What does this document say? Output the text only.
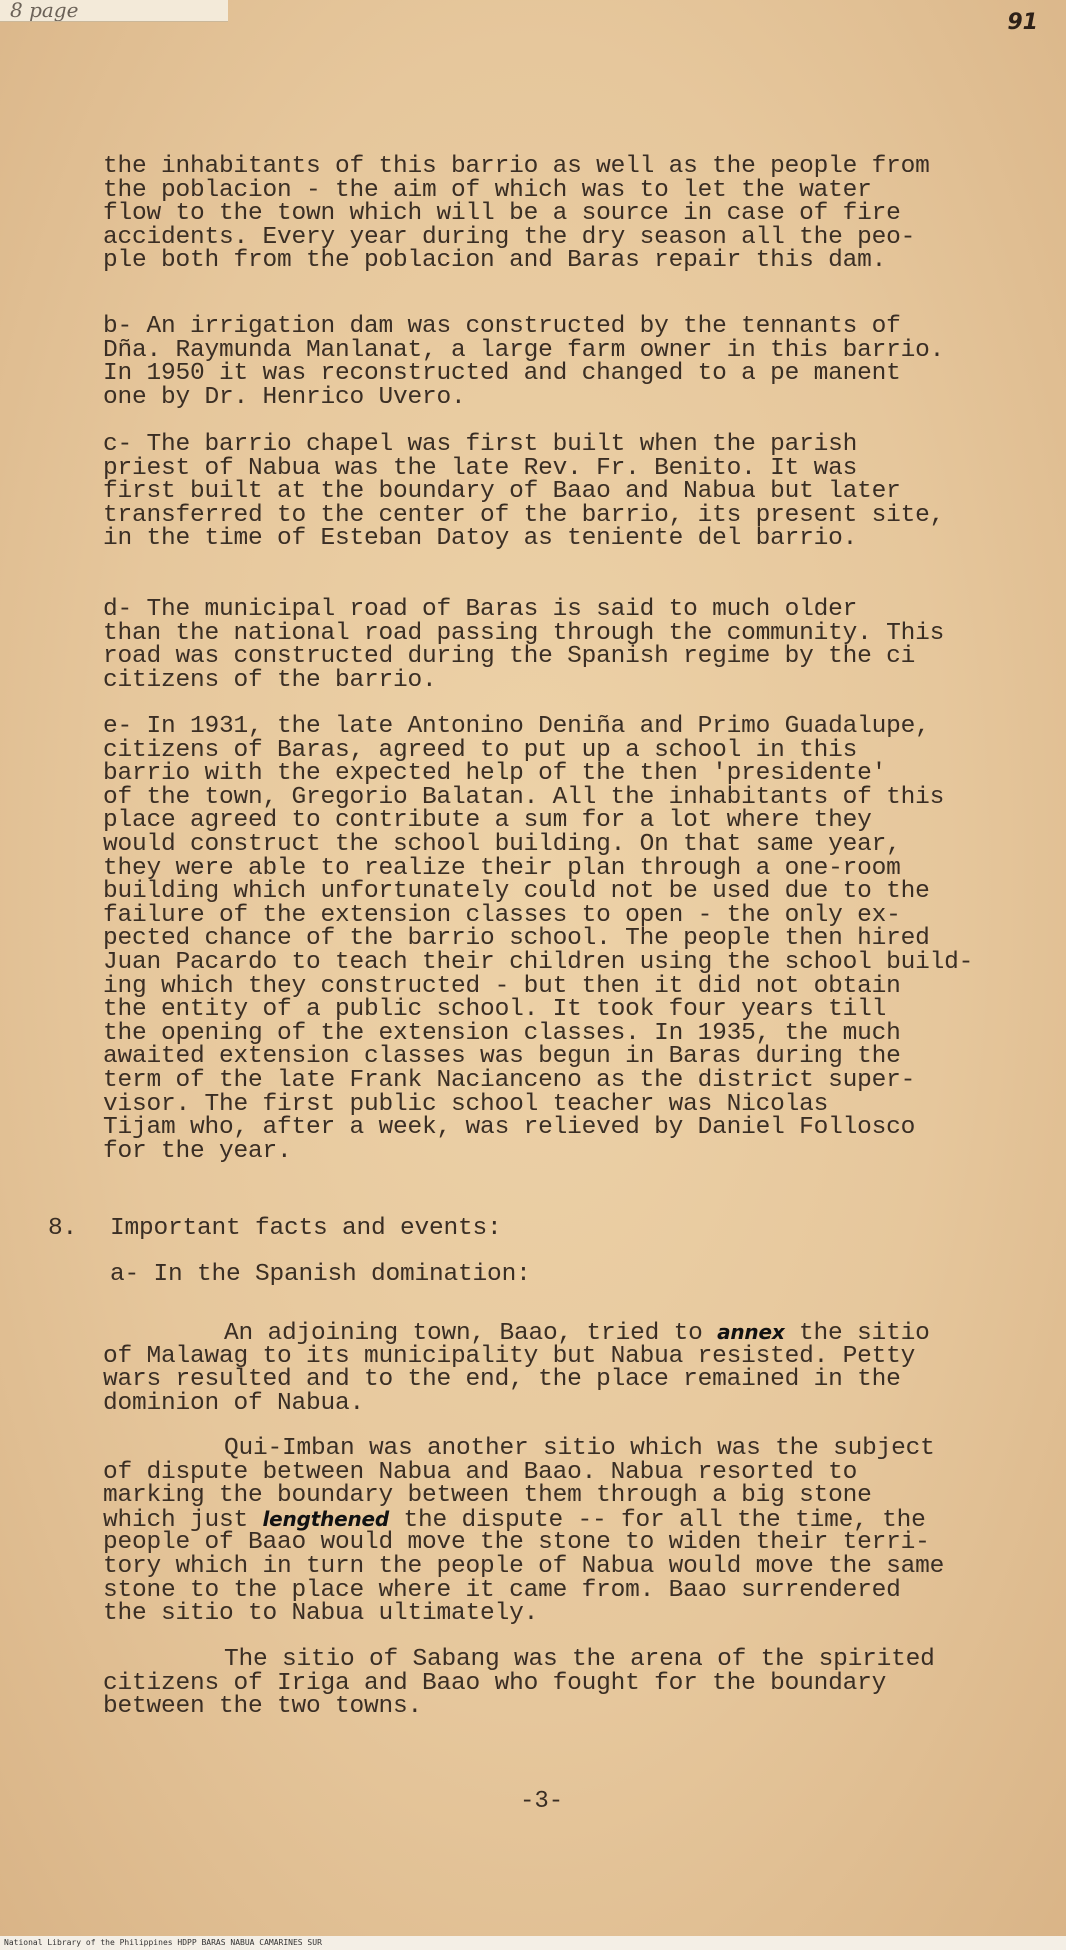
8 page	91
the inhabitants of this barrio as well as the people from
the poblacion - the aim of which was to let the water
flow to the town which will be a source in case of fire
accidents. Every year during the dry season all the peo-
ple both from the poblacion and Baras repair this dam.
b- An irrigation dam was constructed by the tennants of
Dña. Raymunda Manlanat, a large farm owner in this barrio.
In 1950 it was reconstructed and changed to a pe manent
one by Dr. Henrico Uvero.
c- The barrio chapel was first built when the parish
priest of Nabua was the late Rev. Fr. Benito. It was
first built at the boundary of Baao and Nabua but later
transferred to the center of the barrio, its present site,
in the time of Esteban Datoy as teniente del barrio.
d- The municipal road of Baras is said to much older
than the national road passing through the community. This
road was constructed during the Spanish regime by the ci
citizens of the barrio.
e- In 1931, the late Antonino Deniña and Primo Guadalupe,
citizens of Baras, agreed to put up a school in this
barrio with the expected help of the then 'presidente'
of the town, Gregorio Balatan. All the inhabitants of this
place agreed to contribute a sum for a lot where they
would construct the school building. On that same year,
they were able to realize their plan through a one-room
building which unfortunately could not be used due to the
failure of the extension classes to open - the only ex-
pected chance of the barrio school. The people then hired
Juan Pacardo to teach their children using the school build-
ing which they constructed - but then it did not obtain
the entity of a public school. It took four years till
the opening of the extension classes. In 1935, the much
awaited extension classes was begun in Baras during the
term of the late Frank Nacianceno as the district super-
visor. The first public school teacher was Nicolas
Tijam who, after a week, was relieved by Daniel Follosco
for the year.
8. Important facts and events:
a- In the Spanish domination:
An adjoining town, Baao, tried to annex the sitio
of Malawag to its municipality but Nabua resisted. Petty
wars resulted and to the end, the place remained in the
dominion of Nabua.
Qui-Imban was another sitio which was the subject
of dispute between Nabua and Baao. Nabua resorted to
marking the boundary between them through a big stone
which just lengthened the dispute -- for all the time, the
people of Baao would move the stone to widen their terri-
tory which in turn the people of Nabua would move the same
stone to the place where it came from. Baao surrendered
the sitio to Nabua ultimately.
The sitio of Sabang was the arena of the spirited
citizens of Iriga and Baao who fought for the boundary
between the two towns.
-3-
National Library of the Philippines HDPP BARAS NABUA CAMARINES SUR
